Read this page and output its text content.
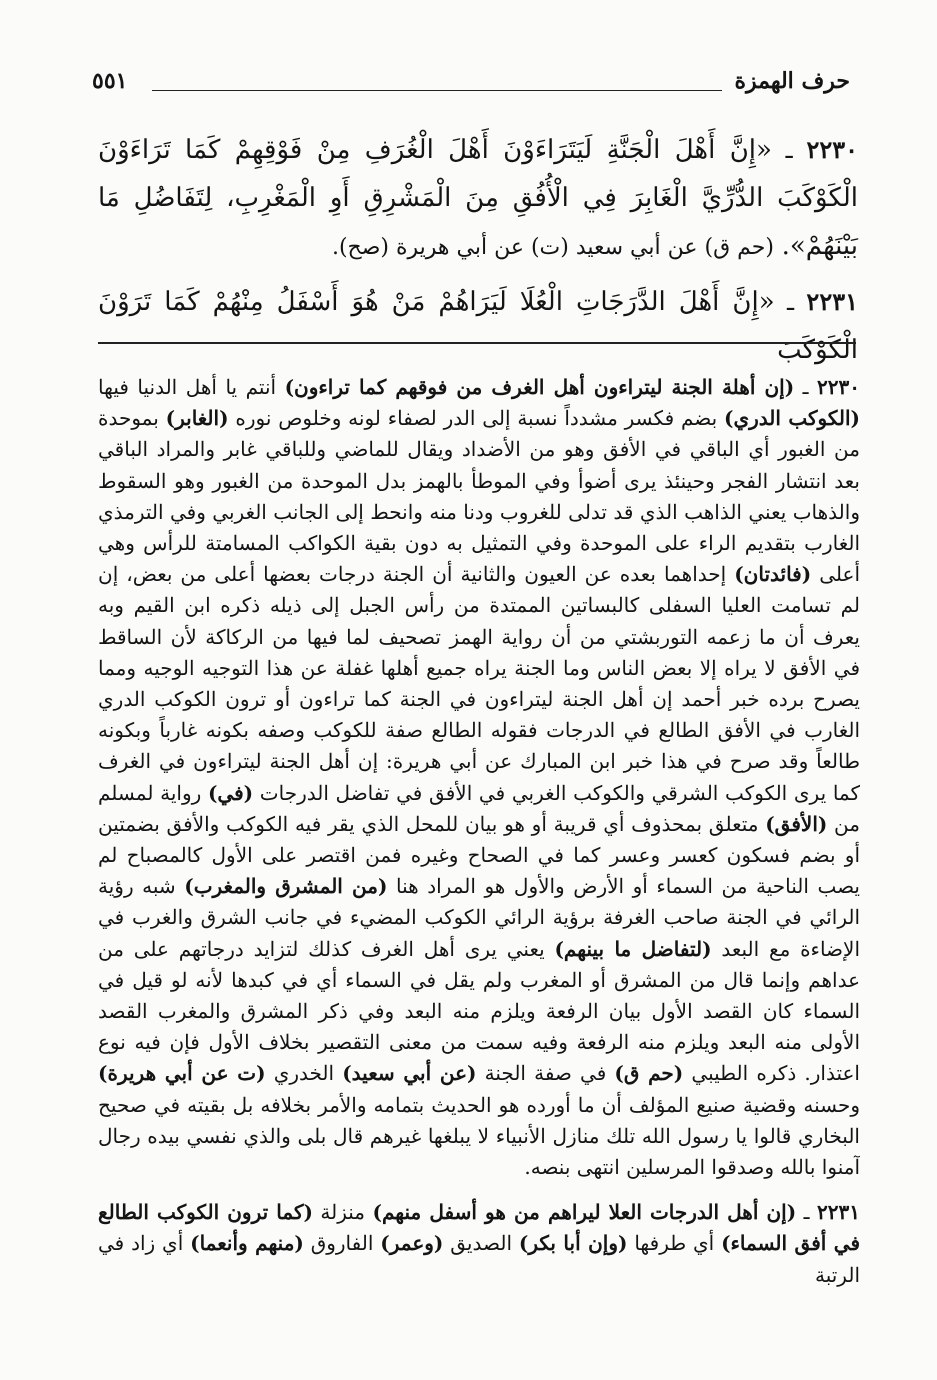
حرف الهمزة
٥٥١

٢٢٣٠ ـ «إِنَّ أَهْلَ الْجَنَّةِ لَيَتَرَاءَوْنَ أَهْلَ الْغُرَفِ مِنْ فَوْقِهِمْ كَمَا تَرَاءَوْنَ الْكَوْكَبَ الدُّرِّيَّ الْغَابِرَ فِي الْأُفُقِ مِنَ الْمَشْرِقِ أَوِ الْمَغْرِبِ، لِتَفَاضُلِ مَا بَيْنَهُمْ». (حم ق) عن أبي سعيد (ت) عن أبي هريرة (صح).

٢٢٣١ ـ «إِنَّ أَهْلَ الدَّرَجَاتِ الْعُلَا لَيَرَاهُمْ مَنْ هُوَ أَسْفَلُ مِنْهُمْ كَمَا تَرَوْنَ الْكَوْكَبَ

٢٢٣٠ ـ (إن أهلة الجنة ليتراءون أهل الغرف من فوقهم كما تراءون) أنتم يا أهل الدنيا فيها (الكوكب الدري) بضم فكسر مشدداً نسبة إلى الدر لصفاء لونه وخلوص نوره (الغابر) بموحدة من الغبور أي الباقي في الأفق وهو من الأضداد ويقال للماضي وللباقي غابر والمراد الباقي بعد انتشار الفجر وحينئذ يرى أضوأ وفي الموطأ بالهمز بدل الموحدة من الغبور وهو السقوط والذهاب يعني الذاهب الذي قد تدلى للغروب ودنا منه وانحط إلى الجانب الغربي وفي الترمذي الغارب بتقديم الراء على الموحدة وفي التمثيل به دون بقية الكواكب المسامتة للرأس وهي أعلى (فائدتان) إحداهما بعده عن العيون والثانية أن الجنة درجات بعضها أعلى من بعض، إن لم تسامت العليا السفلى كالبساتين الممتدة من رأس الجبل إلى ذيله ذكره ابن القيم وبه يعرف أن ما زعمه التوربشتي من أن رواية الهمز تصحيف لما فيها من الركاكة لأن الساقط في الأفق لا يراه إلا بعض الناس وما الجنة يراه جميع أهلها غفلة عن هذا التوجيه الوجيه ومما يصرح برده خبر أحمد إن أهل الجنة ليتراءون في الجنة كما تراءون أو ترون الكوكب الدري الغارب في الأفق الطالع في الدرجات فقوله الطالع صفة للكوكب وصفه بكونه غارباً وبكونه طالعاً وقد صرح في هذا خبر ابن المبارك عن أبي هريرة: إن أهل الجنة ليتراءون في الغرف كما يرى الكوكب الشرقي والكوكب الغربي في الأفق في تفاضل الدرجات (في) رواية لمسلم من (الأفق) متعلق بمحذوف أي قريبة أو هو بيان للمحل الذي يقر فيه الكوكب والأفق بضمتين أو بضم فسكون كعسر وعسر كما في الصحاح وغيره فمن اقتصر على الأول كالمصباح لم يصب الناحية من السماء أو الأرض والأول هو المراد هنا (من المشرق والمغرب) شبه رؤية الرائي في الجنة صاحب الغرفة برؤية الرائي الكوكب المضيء في جانب الشرق والغرب في الإضاءة مع البعد (لتفاضل ما بينهم) يعني يرى أهل الغرف كذلك لتزايد درجاتهم على من عداهم وإنما قال من المشرق أو المغرب ولم يقل في السماء أي في كبدها لأنه لو قيل في السماء كان القصد الأول بيان الرفعة ويلزم منه البعد وفي ذكر المشرق والمغرب القصد الأولى منه البعد ويلزم منه الرفعة وفيه سمت من معنى التقصير بخلاف الأول فإن فيه نوع اعتذار. ذكره الطيبي (حم ق) في صفة الجنة (عن أبي سعيد) الخدري (ت عن أبي هريرة) وحسنه وقضية صنيع المؤلف أن ما أورده هو الحديث بتمامه والأمر بخلافه بل بقيته في صحيح البخاري قالوا يا رسول الله تلك منازل الأنبياء لا يبلغها غيرهم قال بلى والذي نفسي بيده رجال آمنوا بالله وصدقوا المرسلين انتهى بنصه.

٢٢٣١ ـ (إن أهل الدرجات العلا ليراهم من هو أسفل منهم) منزلة (كما ترون الكوكب الطالع في أفق السماء) أي طرفها (وإن أبا بكر) الصديق (وعمر) الفاروق (منهم وأنعما) أي زاد في الرتبة
